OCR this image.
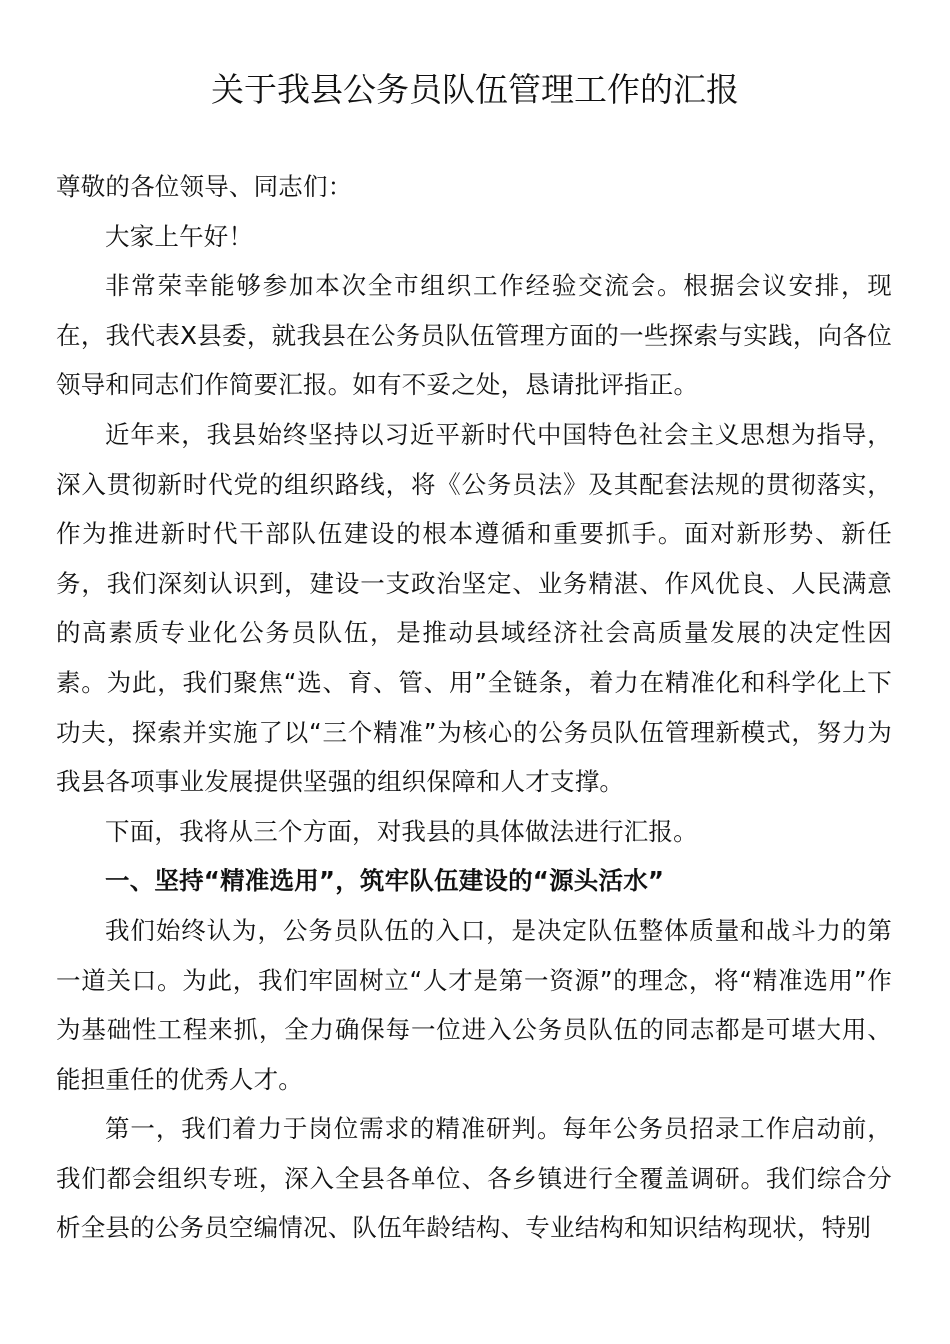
关于我县公务员队伍管理工作的汇报

尊敬的各位领导、同志们：

大家上午好！

非常荣幸能够参加本次全市组织工作经验交流会。根据会议安排，现在，我代表X县委，就我县在公务员队伍管理方面的一些探索与实践，向各位领导和同志们作简要汇报。如有不妥之处，恳请批评指正。

近年来，我县始终坚持以习近平新时代中国特色社会主义思想为指导，深入贯彻新时代党的组织路线，将《公务员法》及其配套法规的贯彻落实，作为推进新时代干部队伍建设的根本遵循和重要抓手。面对新形势、新任务，我们深刻认识到，建设一支政治坚定、业务精湛、作风优良、人民满意的高素质专业化公务员队伍，是推动县域经济社会高质量发展的决定性因素。为此，我们聚焦“选、育、管、用”全链条，着力在精准化和科学化上下功夫，探索并实施了以“三个精准”为核心的公务员队伍管理新模式，努力为我县各项事业发展提供坚强的组织保障和人才支撑。

下面，我将从三个方面，对我县的具体做法进行汇报。

一、坚持“精准选用”，筑牢队伍建设的“源头活水”

我们始终认为，公务员队伍的入口，是决定队伍整体质量和战斗力的第一道关口。为此，我们牢固树立“人才是第一资源”的理念，将“精准选用”作为基础性工程来抓，全力确保每一位进入公务员队伍的同志都是可堪大用、能担重任的优秀人才。

第一，我们着力于岗位需求的精准研判。每年公务员招录工作启动前，我们都会组织专班，深入全县各单位、各乡镇进行全覆盖调研。我们综合分析全县的公务员空编情况、队伍年龄结构、专业结构和知识结构现状，特别
